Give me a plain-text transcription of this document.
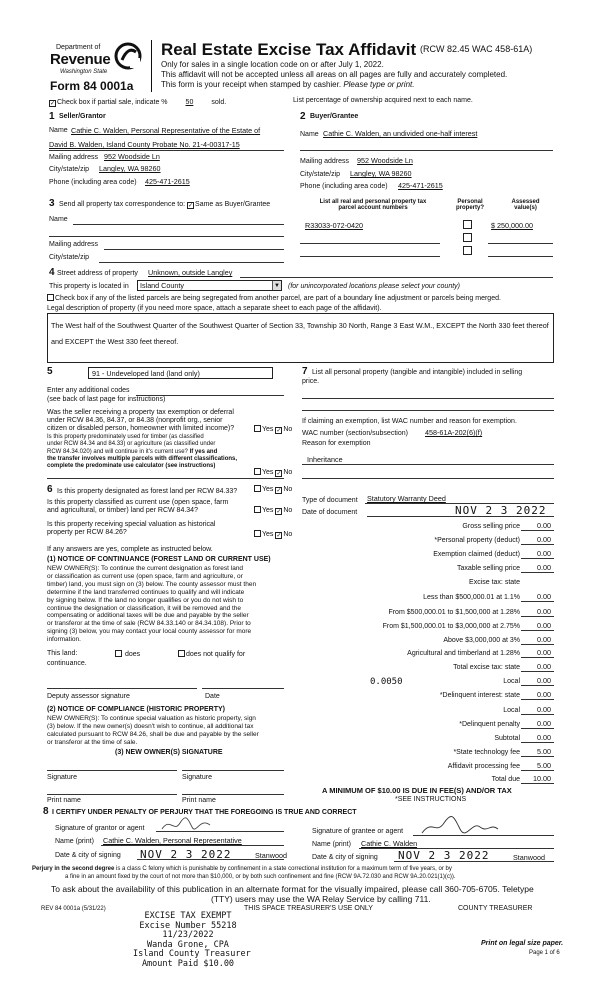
Department of
Revenue
Washington State
Form 84 0001a
Real Estate Excise Tax Affidavit (RCW 82.45 WAC 458-61A)
Only for sales in a single location code on or after July 1, 2022.
This affidavit will not be accepted unless all areas on all pages are fully and accurately completed.
This form is your receipt when stamped by cashier. Please type or print.
✓ Check box if partial sale, indicate %	50	sold.	List percentage of ownership acquired next to each name.
1 Seller/Grantor
Name Cathie C. Walden, Personal Representative of the Estate of
David B. Walden, Island County Probate No. 21-4-00317-15
Mailing address 952 Woodside Ln
City/state/zip Langley, WA 98260
Phone (including area code) 425-471-2615
2 Buyer/Grantee
Name Cathie C. Walden, an undivided one-half interest
Mailing address 952 Woodside Ln
City/state/zip Langley, WA 98260
Phone (including area code) 425-471-2615
3 Send all property tax correspondence to: ✓ Same as Buyer/Grantee
Name
Mailing address
City/state/zip
List all real and personal property tax
parcel account numbers
Personal
property?
Assessed
value(s)
R33033-072-0420	$ 250,000.00
4 Street address of property Unknown, outside Langley
This property is located in	Island County	▼ (for unincorporated locations please select your county)
Check box if any of the listed parcels are being segregated from another parcel, are part of a boundary line adjustment or parcels being merged.
Legal description of property (if you need more space, attach a separate sheet to each page of the affidavit).
The West half of the Southwest Quarter of the Southwest Quarter of Section 33, Township 30 North, Range 3 East W.M., EXCEPT the North 330 feet thereof and EXCEPT the West 330 feet thereof.
5	91 - Undeveloped land (land only)
Enter any additional codes
(see back of last page for instructions)
Was the seller receiving a property tax exemption or deferral
under RCW 84.36, 84.37, or 84.38 (nonprofit org., senior
citizen or disabled person, homeowner with limited income)?	Yes ✓ No
Is this property predominately used for timber (as classified
under RCW 84.34 and 84.33) or agriculture (as classified under
RCW 84.34.020) and will continue in it's current use? If yes and
the transfer involves multiple parcels with different classifications,
complete the predominate use calculator (see instructions)
Yes ✓ No
6 Is this property designated as forest land per RCW 84.33?	Yes ✓ No
Is this property classified as current use (open space, farm
and agricultural, or timber) land per RCW 84.34?	Yes ✓ No
Is this property receiving special valuation as historical
property per RCW 84.26?	Yes ✓ No
If any answers are yes, complete as instructed below.
(1) NOTICE OF CONTINUANCE (FOREST LAND OR CURRENT USE)
NEW OWNER(S): To continue the current designation as forest land
or classification as current use (open space, farm and agriculture, or
timber) land, you must sign on (3) below. The county assessor must then
determine if the land transferred continues to qualify and will indicate
by signing below. If the land no longer qualifies or you do not wish to
continue the designation or classification, it will be removed and the
compensating or additional taxes will be due and payable by the seller
or transferor at the time of sale (RCW 84.33.140 or 84.34.108). Prior to
signing (3) below, you may contact your local county assessor for more
information.
This land:	does	does not qualify for
continuance.
Deputy assessor signature	Date
(2) NOTICE OF COMPLIANCE (HISTORIC PROPERTY)
NEW OWNER(S): To continue special valuation as historic property, sign
(3) below. If the new owner(s) doesn't wish to continue, all additional tax
calculated pursuant to RCW 84.26, shall be due and payable by the seller
or transferor at the time of sale.
(3) NEW OWNER(S) SIGNATURE
Signature	Signature
Print name	Print name
7 List all personal property (tangible and intangible) included in selling
price.
If claiming an exemption, list WAC number and reason for exemption.
WAC number (section/subsection) 458-61A-202(6)(f)
Reason for exemption
Inheritance
Type of document Statutory Warranty Deed
Date of document	NOV 2 3 2022
Gross selling price	0.00
*Personal property (deduct)	0.00
Exemption claimed (deduct)	0.00
Taxable selling price	0.00
Excise tax: state
Less than $500,000.01 at 1.1%	0.00
From $500,000.01 to $1,500,000 at 1.28%	0.00
From $1,500,000.01 to $3,000,000 at 2.75%	0.00
Above $3,000,000 at 3%	0.00
Agricultural and timberland at 1.28%	0.00
Total excise tax: state	0.00
Local	0.00
*Delinquent interest: state	0.00
Local	0.00
*Delinquent penalty	0.00
Subtotal	0.00
*State technology fee	5.00
Affidavit processing fee	5.00
Total due	10.00
0.0050
A MINIMUM OF $10.00 IS DUE IN FEE(S) AND/OR TAX
*SEE INSTRUCTIONS
8 I CERTIFY UNDER PENALTY OF PERJURY THAT THE FOREGOING IS TRUE AND CORRECT
Signature of grantor or agent
Name (print) Cathie C. Walden, Personal Representative
Date & city of signing NOV 2 3 2022	Stanwood
Signature of grantee or agent
Name (print) Cathie C. Walden
Date & city of signing NOV 2 3 2022	Stanwood
Perjury in the second degree is a class C felony which is punishable by confinement in a state correctional institution for a maximum term of five years, or by
a fine in an amount fixed by the court of not more than $10,000, or by both such confinement and fine (RCW 9A.72.030 and RCW 9A.20.021(1)(c)).
To ask about the availability of this publication in an alternate format for the visually impaired, please call 360-705-6705. Teletype
(TTY) users may use the WA Relay Service by calling 711.
REV 84 0001a (5/31/22)	THIS SPACE TREASURER'S USE ONLY	COUNTY TREASURER
EXCISE TAX EXEMPT
Excise Number 55218
11/23/2022
Wanda Grone, CPA
Island County Treasurer
Amount Paid $10.00
Print on legal size paper.
Page 1 of 6
